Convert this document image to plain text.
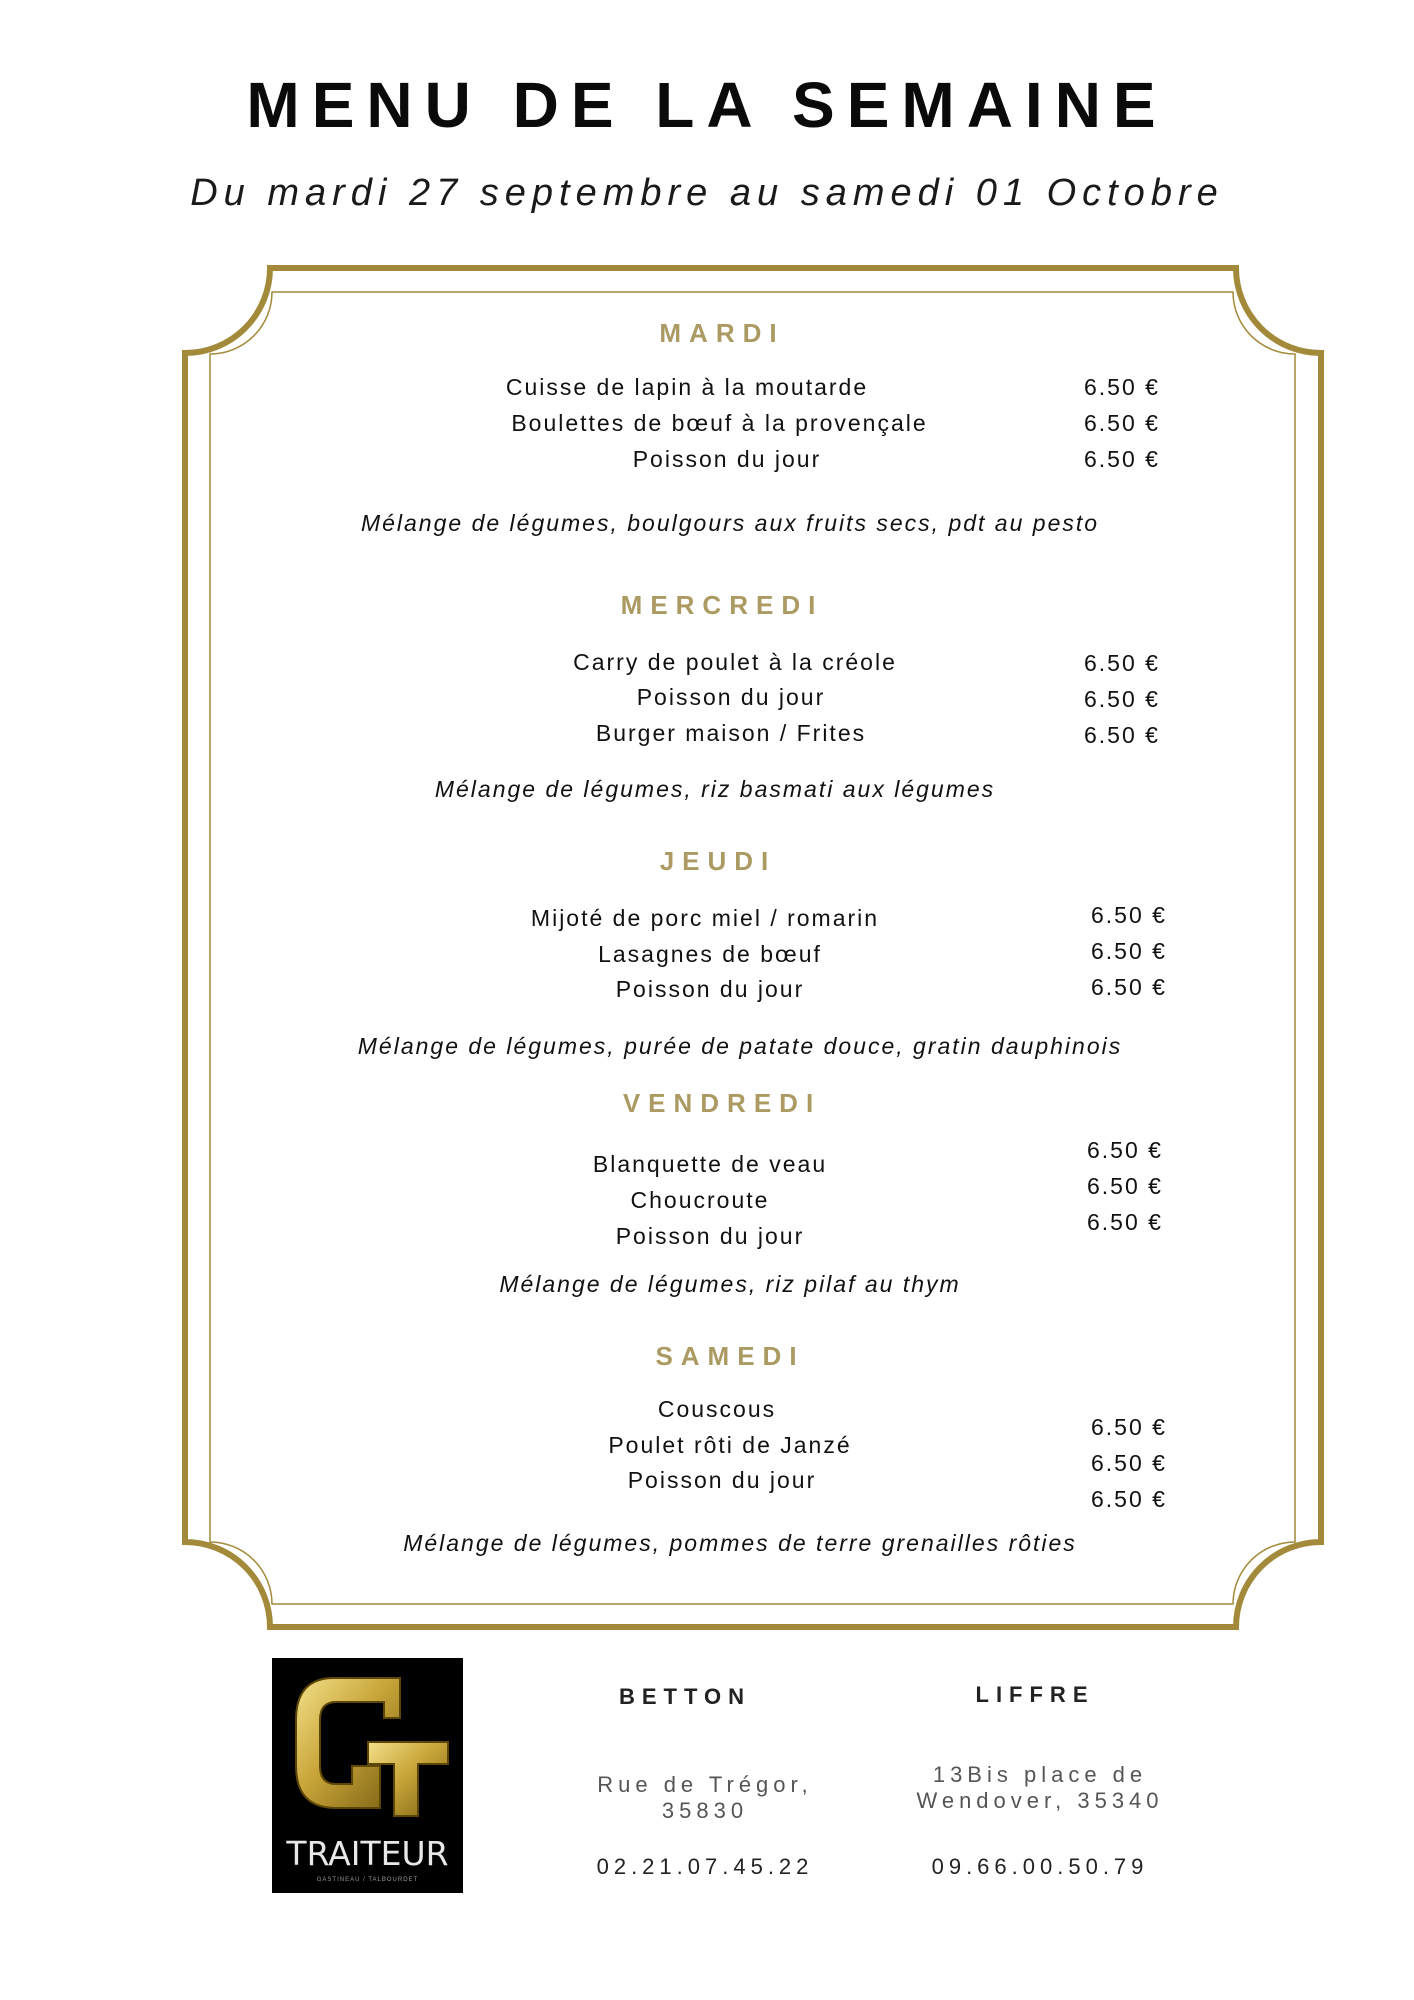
MENU DE LA SEMAINE
Du mardi 27 septembre au samedi 01 Octobre
MARDI
Cuisse de lapin à la moutarde
Boulettes de bœuf à la provençale
Poisson du jour
6.50 €
6.50 €
6.50 €
Mélange de légumes, boulgours aux fruits secs, pdt au pesto
MERCREDI
Carry de poulet à la créole
Poisson du jour
Burger maison / Frites
6.50 €
6.50 €
6.50 €
Mélange de légumes, riz basmati aux légumes
JEUDI
Mijoté de porc miel / romarin
Lasagnes de bœuf
Poisson du jour
6.50 €
6.50 €
6.50 €
Mélange de légumes, purée de patate douce, gratin dauphinois
VENDREDI
Blanquette de veau
Choucroute
Poisson du jour
6.50 €
6.50 €
6.50 €
Mélange de légumes, riz pilaf au thym
SAMEDI
Couscous
Poulet rôti de Janzé
Poisson du jour
6.50 €
6.50 €
6.50 €
Mélange de légumes, pommes de terre grenailles rôties
TRAITEUR
GASTINEAU / TALBOURDET
BETTON
Rue de Trégor, 35830
02.21.07.45.22
LIFFRE
13Bis place de Wendover, 35340
09.66.00.50.79
